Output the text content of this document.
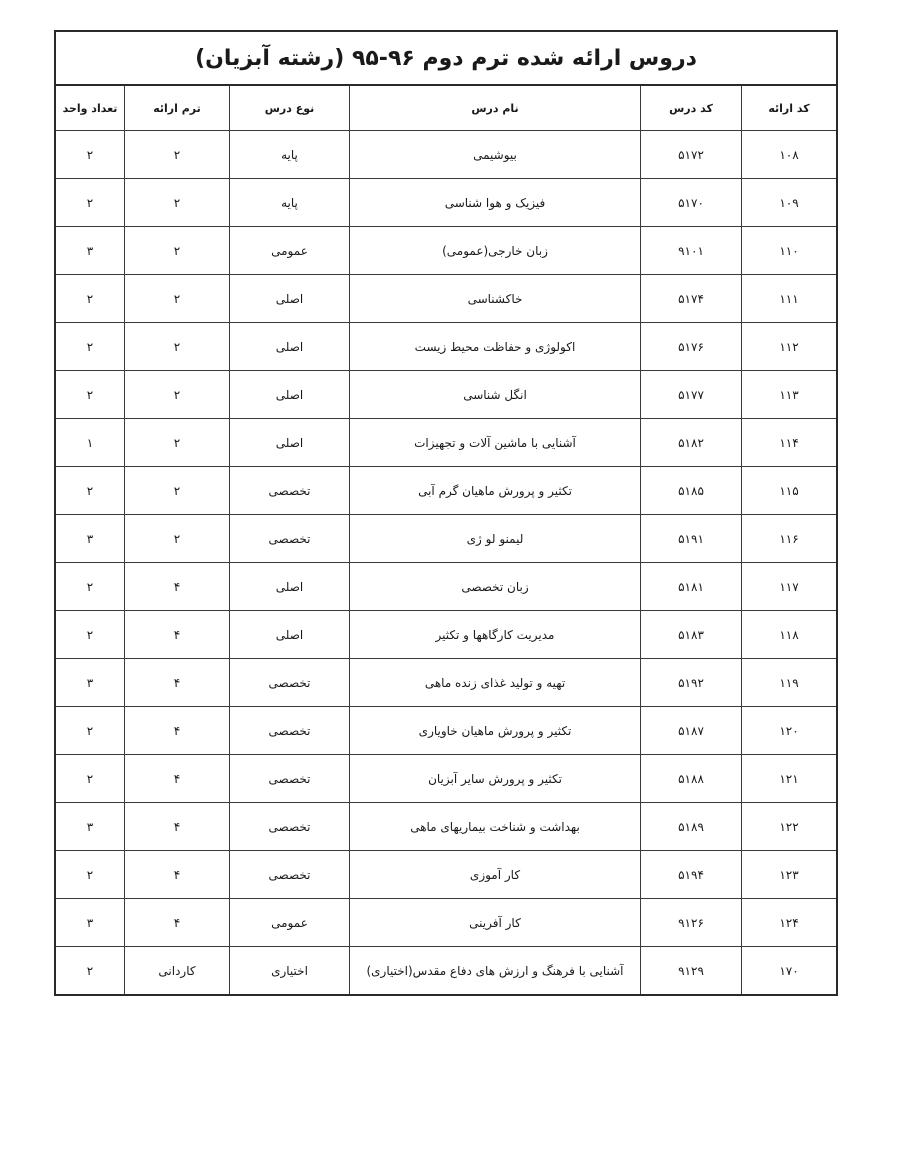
دروس ارائه شده ترم دوم ۹۶-۹۵ (رشته آبزیان)
کد ارائه	کد درس	نام درس	نوع درس	ترم ارائه	تعداد واحد
۱۰۸	۵۱۷۲	بیوشیمی	پایه	۲	۲
۱۰۹	۵۱۷۰	فیزیک و هوا شناسی	پایه	۲	۲
۱۱۰	۹۱۰۱	زبان خارجی(عمومی)	عمومی	۲	۳
۱۱۱	۵۱۷۴	خاکشناسی	اصلی	۲	۲
۱۱۲	۵۱۷۶	اکولوژی و حفاظت محیط زیست	اصلی	۲	۲
۱۱۳	۵۱۷۷	انگل شناسی	اصلی	۲	۲
۱۱۴	۵۱۸۲	آشنایی با ماشین آلات و تجهیزات	اصلی	۲	۱
۱۱۵	۵۱۸۵	تکثیر و پرورش ماهیان گرم آبی	تخصصی	۲	۲
۱۱۶	۵۱۹۱	لیمنو لو ژی	تخصصی	۲	۳
۱۱۷	۵۱۸۱	زبان تخصصی	اصلی	۴	۲
۱۱۸	۵۱۸۳	مدیریت کارگاهها و تکثیر	اصلی	۴	۲
۱۱۹	۵۱۹۲	تهیه و تولید غذای زنده ماهی	تخصصی	۴	۳
۱۲۰	۵۱۸۷	تکثیر و پرورش ماهیان خاویاری	تخصصی	۴	۲
۱۲۱	۵۱۸۸	تکثیر و پرورش سایر آبزیان	تخصصی	۴	۲
۱۲۲	۵۱۸۹	بهداشت و شناخت بیماریهای ماهی	تخصصی	۴	۳
۱۲۳	۵۱۹۴	کار آموزی	تخصصی	۴	۲
۱۲۴	۹۱۲۶	کار آفرینی	عمومی	۴	۳
۱۷۰	۹۱۲۹	آشنایی با فرهنگ و ارزش های دفاع مقدس(اختیاری)	اختیاری	کاردانی	۲
